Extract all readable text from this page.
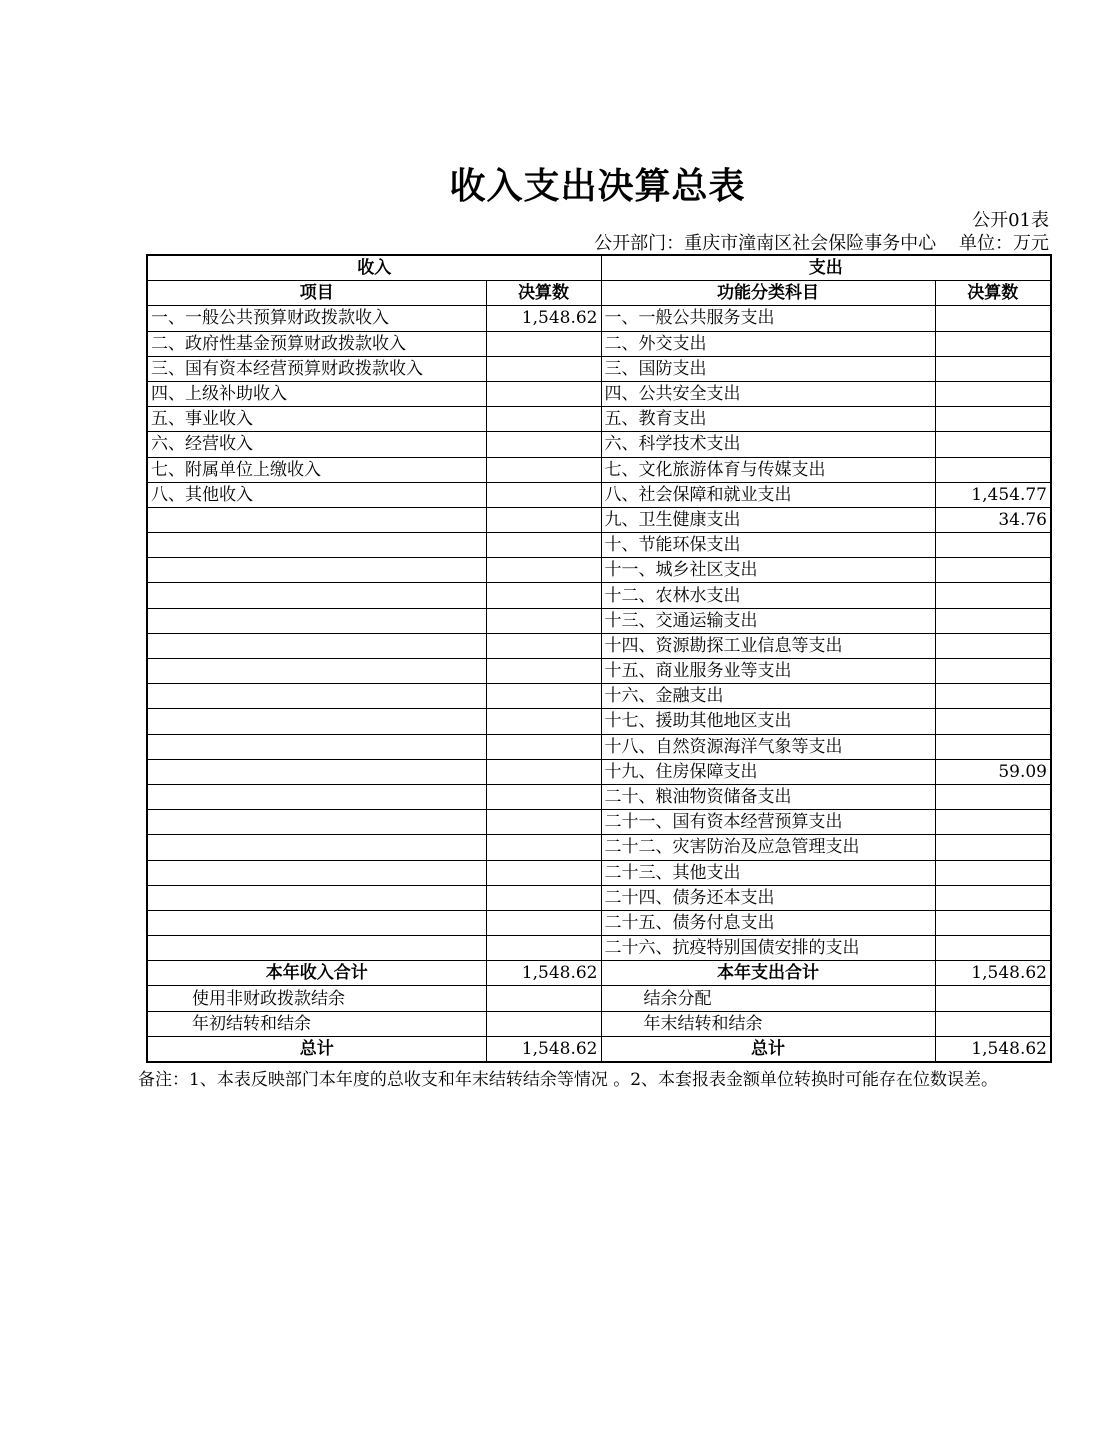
收入支出决算总表
公开01表
公开部门：重庆市潼南区社会保险事务中心 单位：万元
收入		支出	
项目	决算数	功能分类科目	决算数
一、一般公共预算财政拨款收入	1,548.62	一、一般公共服务支出	
二、政府性基金预算财政拨款收入		二、外交支出	
三、国有资本经营预算财政拨款收入		三、国防支出	
四、上级补助收入		四、公共安全支出	
五、事业收入		五、教育支出	
六、经营收入		六、科学技术支出	
七、附属单位上缴收入		七、文化旅游体育与传媒支出	
八、其他收入		八、社会保障和就业支出	1,454.77
		九、卫生健康支出	34.76
		十、节能环保支出	
		十一、城乡社区支出	
		十二、农林水支出	
		十三、交通运输支出	
		十四、资源勘探工业信息等支出	
		十五、商业服务业等支出	
		十六、金融支出	
		十七、援助其他地区支出	
		十八、自然资源海洋气象等支出	
		十九、住房保障支出	59.09
		二十、粮油物资储备支出	
		二十一、国有资本经营预算支出	
		二十二、灾害防治及应急管理支出	
		二十三、其他支出	
		二十四、债务还本支出	
		二十五、债务付息支出	
		二十六、抗疫特别国债安排的支出	
本年收入合计	1,548.62	本年支出合计	1,548.62
使用非财政拨款结余		结余分配	
年初结转和结余		年末结转和结余	
总计	1,548.62	总计	1,548.62
备注：1、本表反映部门本年度的总收支和年末结转结余等情况 。2、本套报表金额单位转换时可能存在位数误差。
